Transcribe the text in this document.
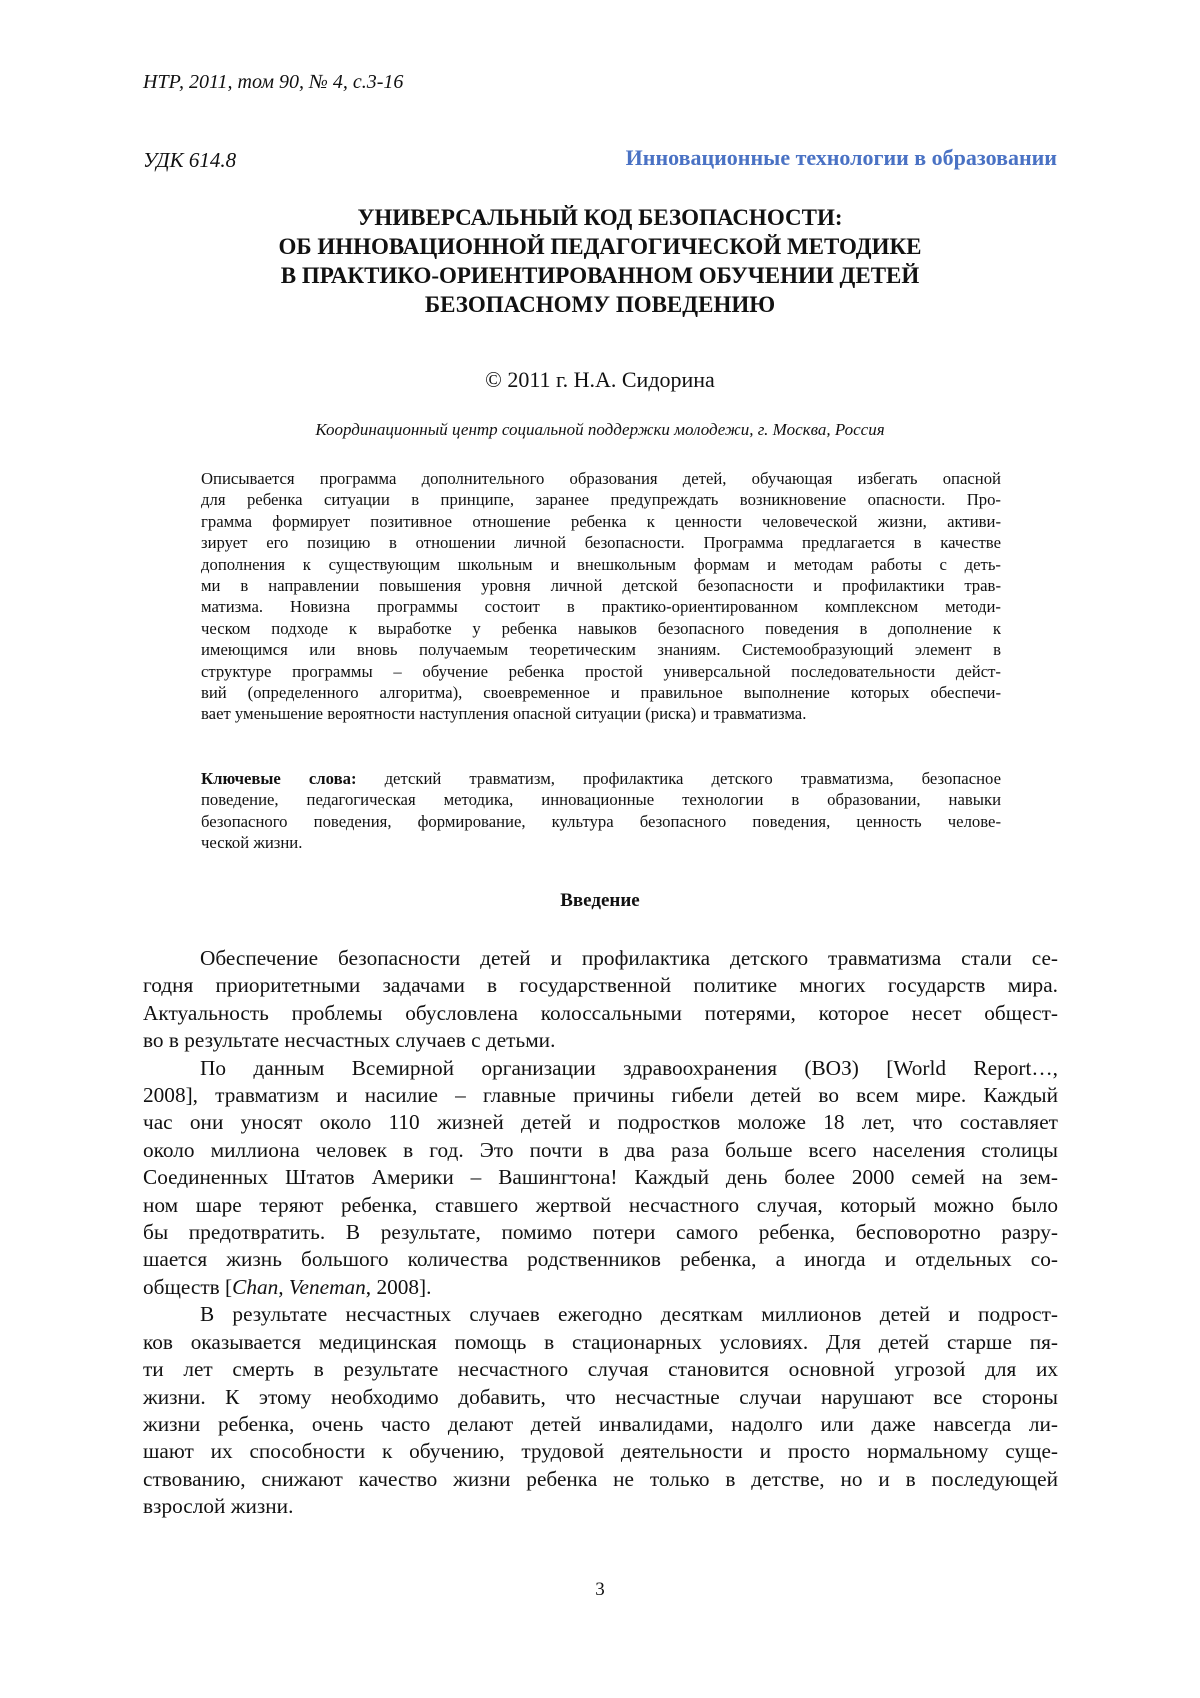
НТР, 2011, том 90, № 4, с.3-16
УДК 614.8	Инновационные технологии в образовании
УНИВЕРСАЛЬНЫЙ КОД БЕЗОПАСНОСТИ:
ОБ ИННОВАЦИОННОЙ ПЕДАГОГИЧЕСКОЙ МЕТОДИКЕ
В ПРАКТИКО-ОРИЕНТИРОВАННОМ ОБУЧЕНИИ ДЕТЕЙ
БЕЗОПАСНОМУ ПОВЕДЕНИЮ
© 2011 г. Н.А. Сидорина
Координационный центр социальной поддержки молодежи, г. Москва, Россия
Описывается программа дополнительного образования детей, обучающая избегать опасной
для ребенка ситуации в принципе, заранее предупреждать возникновение опасности. Про-
грамма формирует позитивное отношение ребенка к ценности человеческой жизни, активи-
зирует его позицию в отношении личной безопасности. Программа предлагается в качестве
дополнения к существующим школьным и внешкольным формам и методам работы с деть-
ми в направлении повышения уровня личной детской безопасности и профилактики трав-
матизма. Новизна программы состоит в практико-ориентированном комплексном методи-
ческом подходе к выработке у ребенка навыков безопасного поведения в дополнение к
имеющимся или вновь получаемым теоретическим знаниям. Системообразующий элемент в
структуре программы – обучение ребенка простой универсальной последовательности дейст-
вий (определенного алгоритма), своевременное и правильное выполнение которых обеспечи-
вает уменьшение вероятности наступления опасной ситуации (риска) и травматизма.
Ключевые слова: детский травматизм, профилактика детского травматизма, безопасное
поведение, педагогическая методика, инновационные технологии в образовании, навыки
безопасного поведения, формирование, культура безопасного поведения, ценность челове-
ческой жизни.
Введение
Обеспечение безопасности детей и профилактика детского травматизма стали се-
годня приоритетными задачами в государственной политике многих государств мира.
Актуальность проблемы обусловлена колоссальными потерями, которое несет общест-
во в результате несчастных случаев с детьми.
По данным Всемирной организации здравоохранения (ВОЗ) [World Report…,
2008], травматизм и насилие – главные причины гибели детей во всем мире. Каждый
час они уносят около 110 жизней детей и подростков моложе 18 лет, что составляет
около миллиона человек в год. Это почти в два раза больше всего населения столицы
Соединенных Штатов Америки – Вашингтона! Каждый день более 2000 семей на зем-
ном шаре теряют ребенка, ставшего жертвой несчастного случая, который можно было
бы предотвратить. В результате, помимо потери самого ребенка, бесповоротно разру-
шается жизнь большого количества родственников ребенка, а иногда и отдельных со-
обществ [Chan, Veneman, 2008].
В результате несчастных случаев ежегодно десяткам миллионов детей и подрост-
ков оказывается медицинская помощь в стационарных условиях. Для детей старше пя-
ти лет смерть в результате несчастного случая становится основной угрозой для их
жизни. К этому необходимо добавить, что несчастные случаи нарушают все стороны
жизни ребенка, очень часто делают детей инвалидами, надолго или даже навсегда ли-
шают их способности к обучению, трудовой деятельности и просто нормальному суще-
ствованию, снижают качество жизни ребенка не только в детстве, но и в последующей
взрослой жизни.
3
